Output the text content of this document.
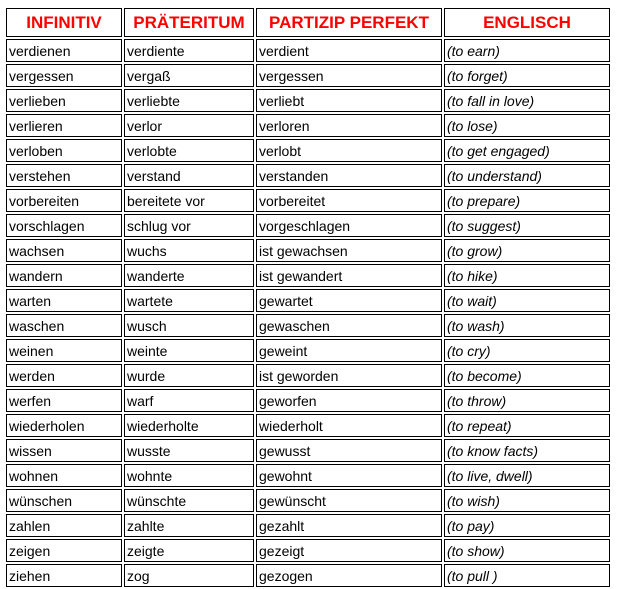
INFINITIV	PRÄTERITUM	PARTIZIP PERFEKT	ENGLISCH
verdienen	verdiente	verdient	(to earn)
vergessen	vergaß	vergessen	(to forget)
verlieben	verliebte	verliebt	(to fall in love)
verlieren	verlor	verloren	(to lose)
verloben	verlobte	verlobt	(to get engaged)
verstehen	verstand	verstanden	(to understand)
vorbereiten	bereitete vor	vorbereitet	(to prepare)
vorschlagen	schlug vor	vorgeschlagen	(to suggest)
wachsen	wuchs	ist gewachsen	(to grow)
wandern	wanderte	ist gewandert	(to hike)
warten	wartete	gewartet	(to wait)
waschen	wusch	gewaschen	(to wash)
weinen	weinte	geweint	(to cry)
werden	wurde	ist geworden	(to become)
werfen	warf	geworfen	(to throw)
wiederholen	wiederholte	wiederholt	(to repeat)
wissen	wusste	gewusst	(to know facts)
wohnen	wohnte	gewohnt	(to live, dwell)
wünschen	wünschte	gewünscht	(to wish)
zahlen	zahlte	gezahlt	(to pay)
zeigen	zeigte	gezeigt	(to show)
ziehen	zog	gezogen	(to pull )
